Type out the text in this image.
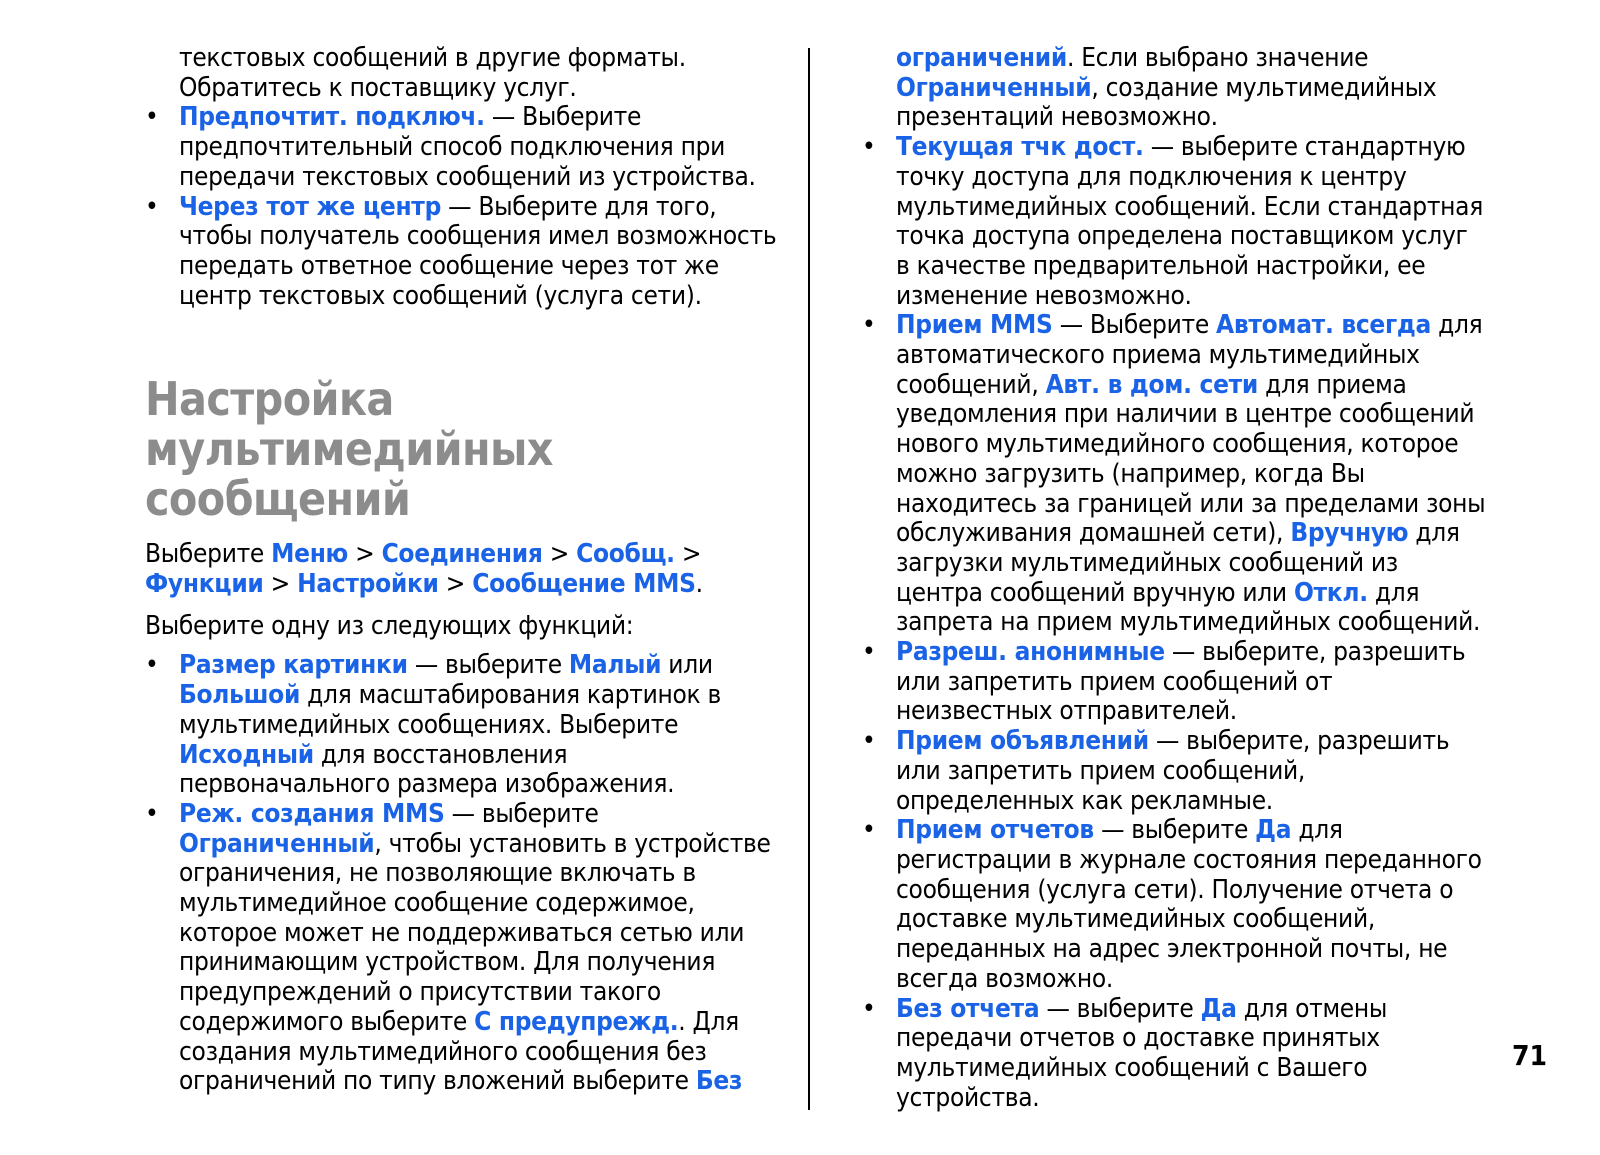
текстовых сообщений в другие форматы.
Обратитесь к поставщику услуг.
• Предпочтит. подключ. — Выберите предпочтительный способ подключения при передачи текстовых сообщений из устройства.
• Через тот же центр — Выберите для того, чтобы получатель сообщения имел возможность передать ответное сообщение через тот же центр текстовых сообщений (услуга сети).
Настройка мультимедийных сообщений

Выберите Меню > Соединения > Сообщ. > Функции > Настройки > Сообщение MMS.

Выберите одну из следующих функций:

• Размер картинки — выберите Малый или Большой для масштабирования картинок в мультимедийных сообщениях. Выберите Исходный для восстановления первоначального размера изображения.
• Реж. создания MMS — выберите Ограниченный, чтобы установить в устройстве ограничения, не позволяющие включать в мультимедийное сообщение содержимое, которое может не поддерживаться сетью или принимающим устройством. Для получения предупреждений о присутствии такого содержимого выберите С предупрежд.. Для создания мультимедийного сообщения без ограничений по типу вложений выберите Без
ограничений. Если выбрано значение Ограниченный, создание мультимедийных презентаций невозможно.
• Текущая тчк дост. — выберите стандартную точку доступа для подключения к центру мультимедийных сообщений. Если стандартная точка доступа определена поставщиком услуг в качестве предварительной настройки, ее изменение невозможно.
• Прием MMS — Выберите Автомат. всегда для автоматического приема мультимедийных сообщений, Авт. в дом. сети для приема уведомления при наличии в центре сообщений нового мультимедийного сообщения, которое можно загрузить (например, когда Вы находитесь за границей или за пределами зоны обслуживания домашней сети), Вручную для загрузки мультимедийных сообщений из центра сообщений вручную или Откл. для запрета на прием мультимедийных сообщений.
• Разреш. анонимные — выберите, разрешить или запретить прием сообщений от неизвестных отправителей.
• Прием объявлений — выберите, разрешить или запретить прием сообщений, определенных как рекламные.
• Прием отчетов — выберите Да для регистрации в журнале состояния переданного сообщения (услуга сети). Получение отчета о доставке мультимедийных сообщений, переданных на адрес электронной почты, не всегда возможно.
• Без отчета — выберите Да для отмены передачи отчетов о доставке принятых мультимедийных сообщений с Вашего устройства.
71
